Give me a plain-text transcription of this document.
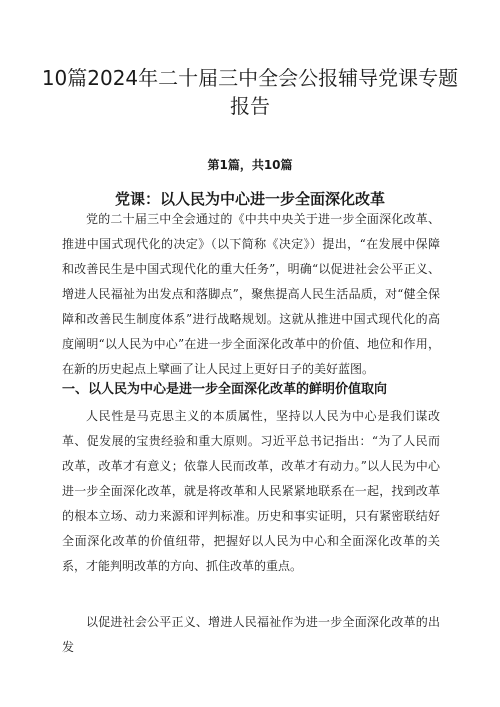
10篇2024年二十届三中全会公报辅导党课专题报告
第1篇，共10篇
党课：以人民为中心进一步全面深化改革

党的二十届三中全会通过的《中共中央关于进一步全面深化改革、推进中国式现代化的决定》（以下简称《决定》）提出，“在发展中保障和改善民生是中国式现代化的重大任务”，明确“以促进社会公平正义、增进人民福祉为出发点和落脚点”，聚焦提高人民生活品质，对“健全保障和改善民生制度体系”进行战略规划。这就从推进中国式现代化的高度阐明“以人民为中心”在进一步全面深化改革中的价值、地位和作用，在新的历史起点上擘画了让人民过上更好日子的美好蓝图。

一、以人民为中心是进一步全面深化改革的鲜明价值取向

人民性是马克思主义的本质属性，坚持以人民为中心是我们谋改革、促发展的宝贵经验和重大原则。习近平总书记指出：“为了人民而改革，改革才有意义；依靠人民而改革，改革才有动力。”以人民为中心进一步全面深化改革，就是将改革和人民紧紧地联系在一起，找到改革的根本立场、动力来源和评判标准。历史和事实证明，只有紧密联结好全面深化改革的价值纽带，把握好以人民为中心和全面深化改革的关系，才能判明改革的方向、抓住改革的重点。

以促进社会公平正义、增进人民福祉作为进一步全面深化改革的出发
